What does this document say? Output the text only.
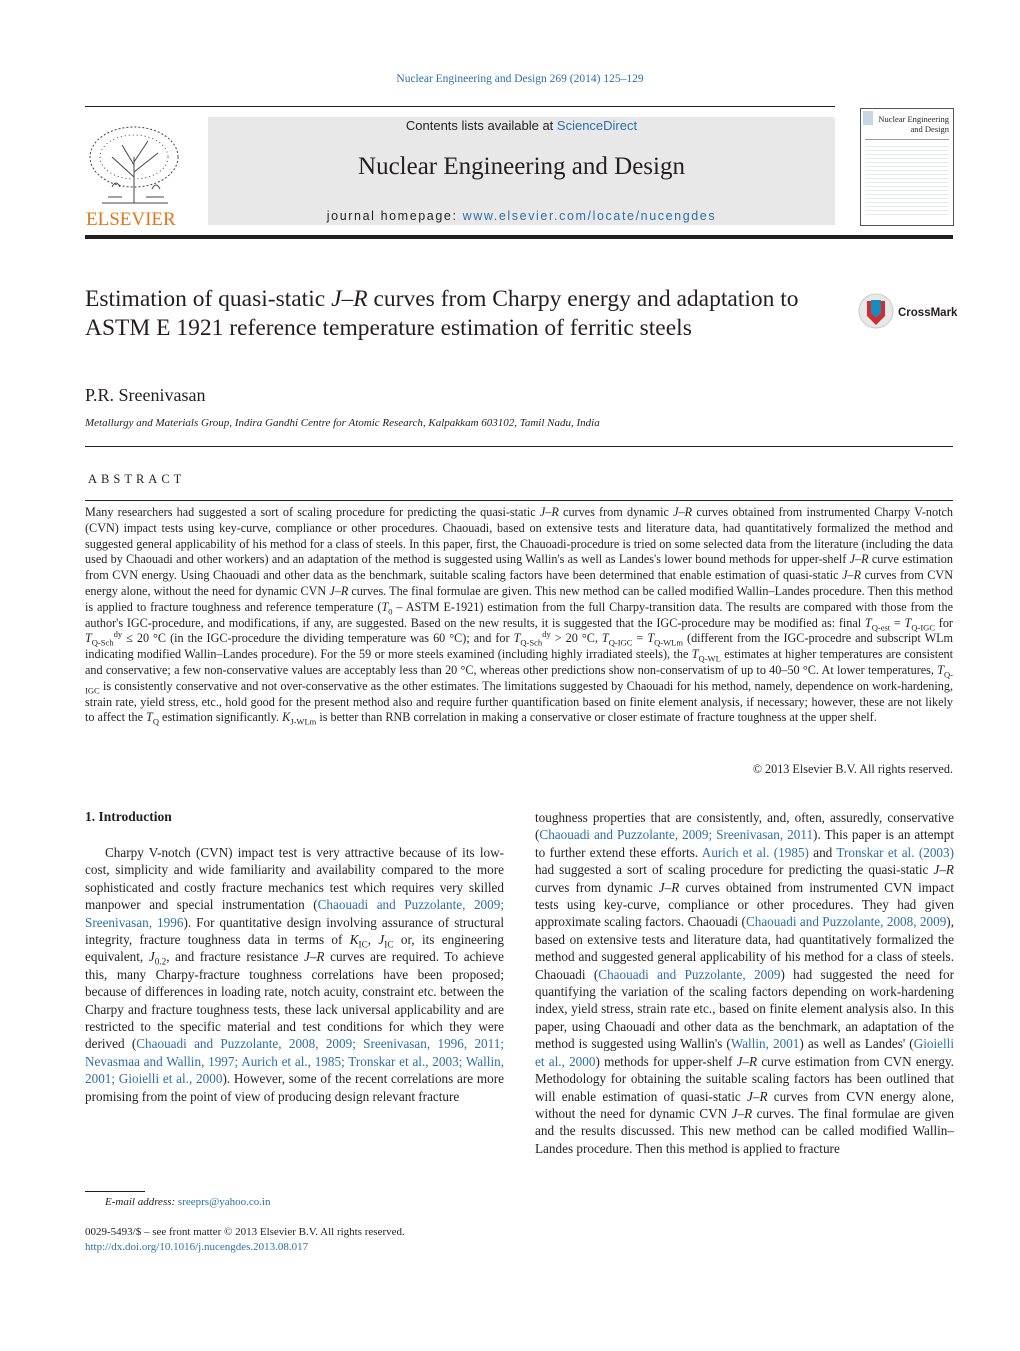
Nuclear Engineering and Design 269 (2014) 125–129
ELSEVIER
Contents lists available at ScienceDirect
Nuclear Engineering and Design
journal homepage: www.elsevier.com/locate/nucengdes
Nuclear Engineering
and Design
Estimation of quasi-static J–R curves from Charpy energy and adaptation to ASTM E 1921 reference temperature estimation of ferritic steels
CrossMark
P.R. Sreenivasan
Metallurgy and Materials Group, Indira Gandhi Centre for Atomic Research, Kalpakkam 603102, Tamil Nadu, India
ABSTRACT

Many researchers had suggested a sort of scaling procedure for predicting the quasi-static J–R curves from dynamic J–R curves obtained from instrumented Charpy V-notch (CVN) impact tests using key-curve, compliance or other procedures. Chaouadi, based on extensive tests and literature data, had quantitatively formalized the method and suggested general applicability of his method for a class of steels. In this paper, first, the Chauoadi-procedure is tried on some selected data from the literature (including the data used by Chaouadi and other workers) and an adaptation of the method is suggested using Wallin's as well as Landes's lower bound methods for upper-shelf J–R curve estimation from CVN energy. Using Chaouadi and other data as the benchmark, suitable scaling factors have been determined that enable estimation of quasi-static J–R curves from CVN energy alone, without the need for dynamic CVN J–R curves. The final formulae are given. This new method can be called modified Wallin–Landes procedure. Then this method is applied to fracture toughness and reference temperature ($T_0$ – ASTM E-1921) estimation from the full Charpy-transition data. The results are compared with those from the author's IGC-procedure, and modifications, if any, are suggested. Based on the new results, it is suggested that the IGC-procedure may be modified as: final $T_{Q-est} = T_{Q-IGC}$ for $T_{Q-Sch}^{dy} \le 20$ °C (in the IGC-procedure the dividing temperature was 60 °C); and for $T_{Q-Sch}^{dy} > 20$ °C, $T_{Q-IGC} = T_{Q-WLm}$ (different from the IGC-procedre and subscript WLm indicating modified Wallin–Landes procedure). For the 59 or more steels examined (including highly irradiated steels), the $T_{Q-WL}$ estimates at higher temperatures are consistent and conservative; a few non-conservative values are acceptably less than 20 °C, whereas other predictions show non-conservatism of up to 40–50 °C. At lower temperatures, $T_{Q-IGC}$ is consistently conservative and not over-conservative as the other estimates. The limitations suggested by Chaouadi for his method, namely, dependence on work-hardening, strain rate, yield stress, etc., hold good for the present method also and require further quantification based on finite element analysis, if necessary; however, these are not likely to affect the $T_Q$ estimation significantly. $K_{J-WLm}$ is better than RNB correlation in making a conservative or closer estimate of fracture toughness at the upper shelf.

© 2013 Elsevier B.V. All rights reserved.
1. Introduction

Charpy V-notch (CVN) impact test is very attractive because of its low-cost, simplicity and wide familiarity and availability compared to the more sophisticated and costly fracture mechanics test which requires very skilled manpower and special instrumentation (Chaouadi and Puzzolante, 2009; Sreenivasan, 1996). For quantitative design involving assurance of structural integrity, fracture toughness data in terms of $K_{IC}$, $J_{IC}$ or, its engineering equivalent, $J_{0.2}$, and fracture resistance J–R curves are required. To achieve this, many Charpy-fracture toughness correlations have been proposed; because of differences in loading rate, notch acuity, constraint etc. between the Charpy and fracture toughness tests, these lack universal applicability and are restricted to the specific material and test conditions for which they were derived (Chaouadi and Puzzolante, 2008, 2009; Sreenivasan, 1996, 2011; Nevasmaa and Wallin, 1997; Aurich et al., 1985; Tronskar et al., 2003; Wallin, 2001; Gioielli et al., 2000). However, some of the recent correlations are more promising from the point of view of producing design relevant fracture

toughness properties that are consistently, and, often, assuredly, conservative (Chaouadi and Puzzolante, 2009; Sreenivasan, 2011). This paper is an attempt to further extend these efforts. Aurich et al. (1985) and Tronskar et al. (2003) had suggested a sort of scaling procedure for predicting the quasi-static J–R curves from dynamic J–R curves obtained from instrumented CVN impact tests using key-curve, compliance or other procedures. They had given approximate scaling factors. Chaouadi (Chaouadi and Puzzolante, 2008, 2009), based on extensive tests and literature data, had quantitatively formalized the method and suggested general applicability of his method for a class of steels. Chaouadi (Chaouadi and Puzzolante, 2009) had suggested the need for quantifying the variation of the scaling factors depending on work-hardening index, yield stress, strain rate etc., based on finite element analysis also. In this paper, using Chaouadi and other data as the benchmark, an adaptation of the method is suggested using Wallin's (Wallin, 2001) as well as Landes' (Gioielli et al., 2000) methods for upper-shelf J–R curve estimation from CVN energy. Methodology for obtaining the suitable scaling factors has been outlined that will enable estimation of quasi-static J–R curves from CVN energy alone, without the need for dynamic CVN J–R curves. The final formulae are given and the results discussed. This new method can be called modified Wallin–Landes procedure. Then this method is applied to fracture

E-mail address: sreeprs@yahoo.co.in
0029-5493/$ – see front matter © 2013 Elsevier B.V. All rights reserved.
http://dx.doi.org/10.1016/j.nucengdes.2013.08.017
